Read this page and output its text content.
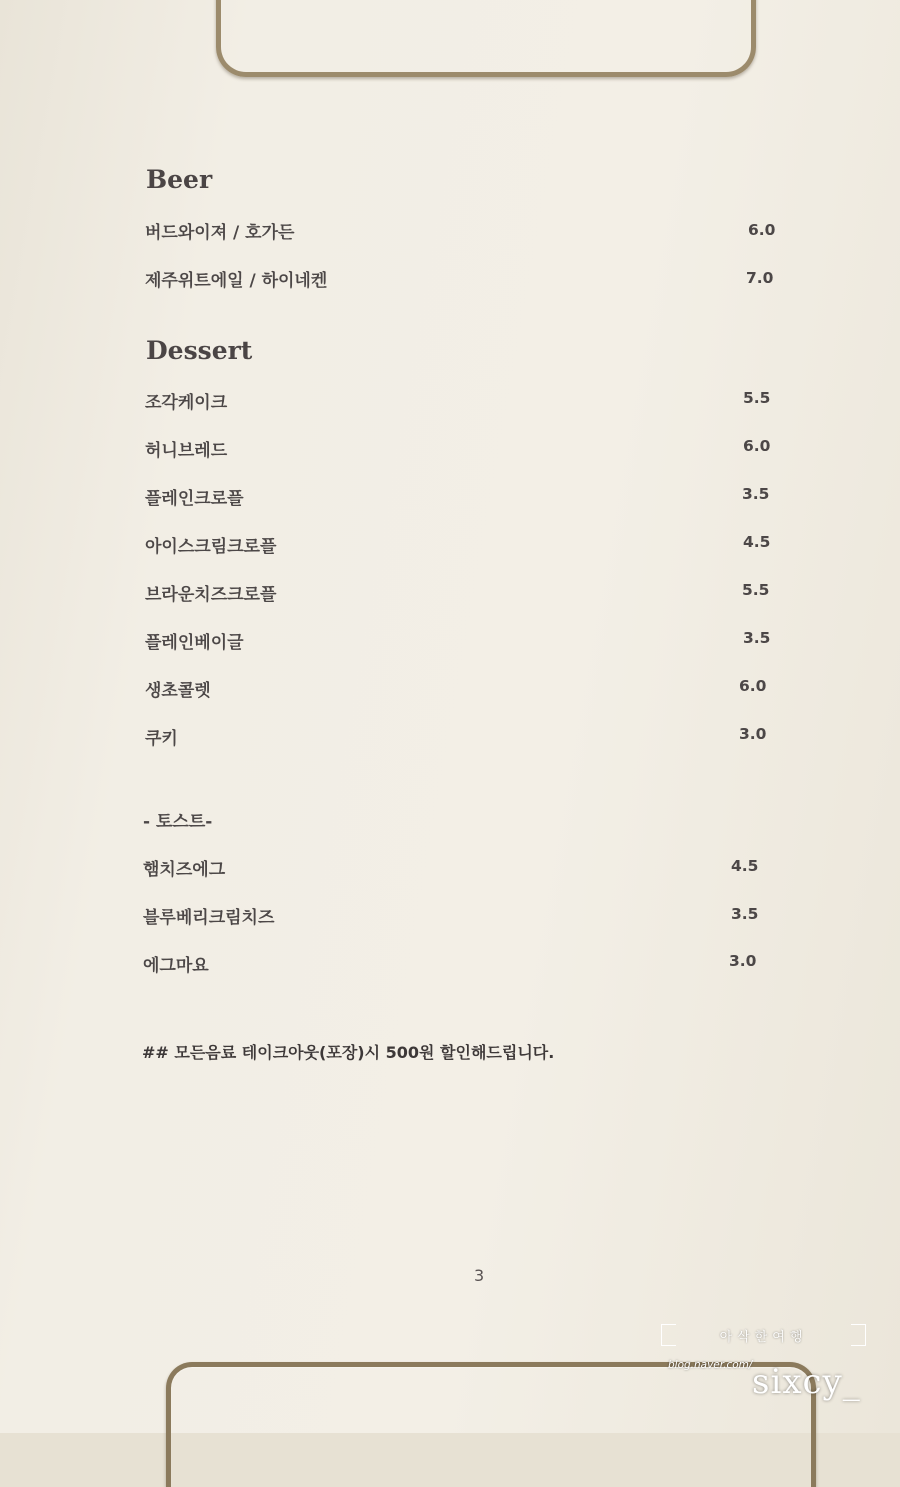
Beer
버드와이져 / 호가든	6.0
제주위트에일 / 하이네켄	7.0
Dessert
조각케이크	5.5
허니브레드	6.0
플레인크로플	3.5
아이스크림크로플	4.5
브라운치즈크로플	5.5
플레인베이글	3.5
생초콜렛	6.0
쿠키	3.0
- 토스트-
햄치즈에그	4.5
블루베리크림치즈	3.5
에그마요	3.0
## 모든음료 테이크아웃(포장)시 500원 할인해드립니다.
3
아삭한여행
blog.naver.com/ sixcy_
